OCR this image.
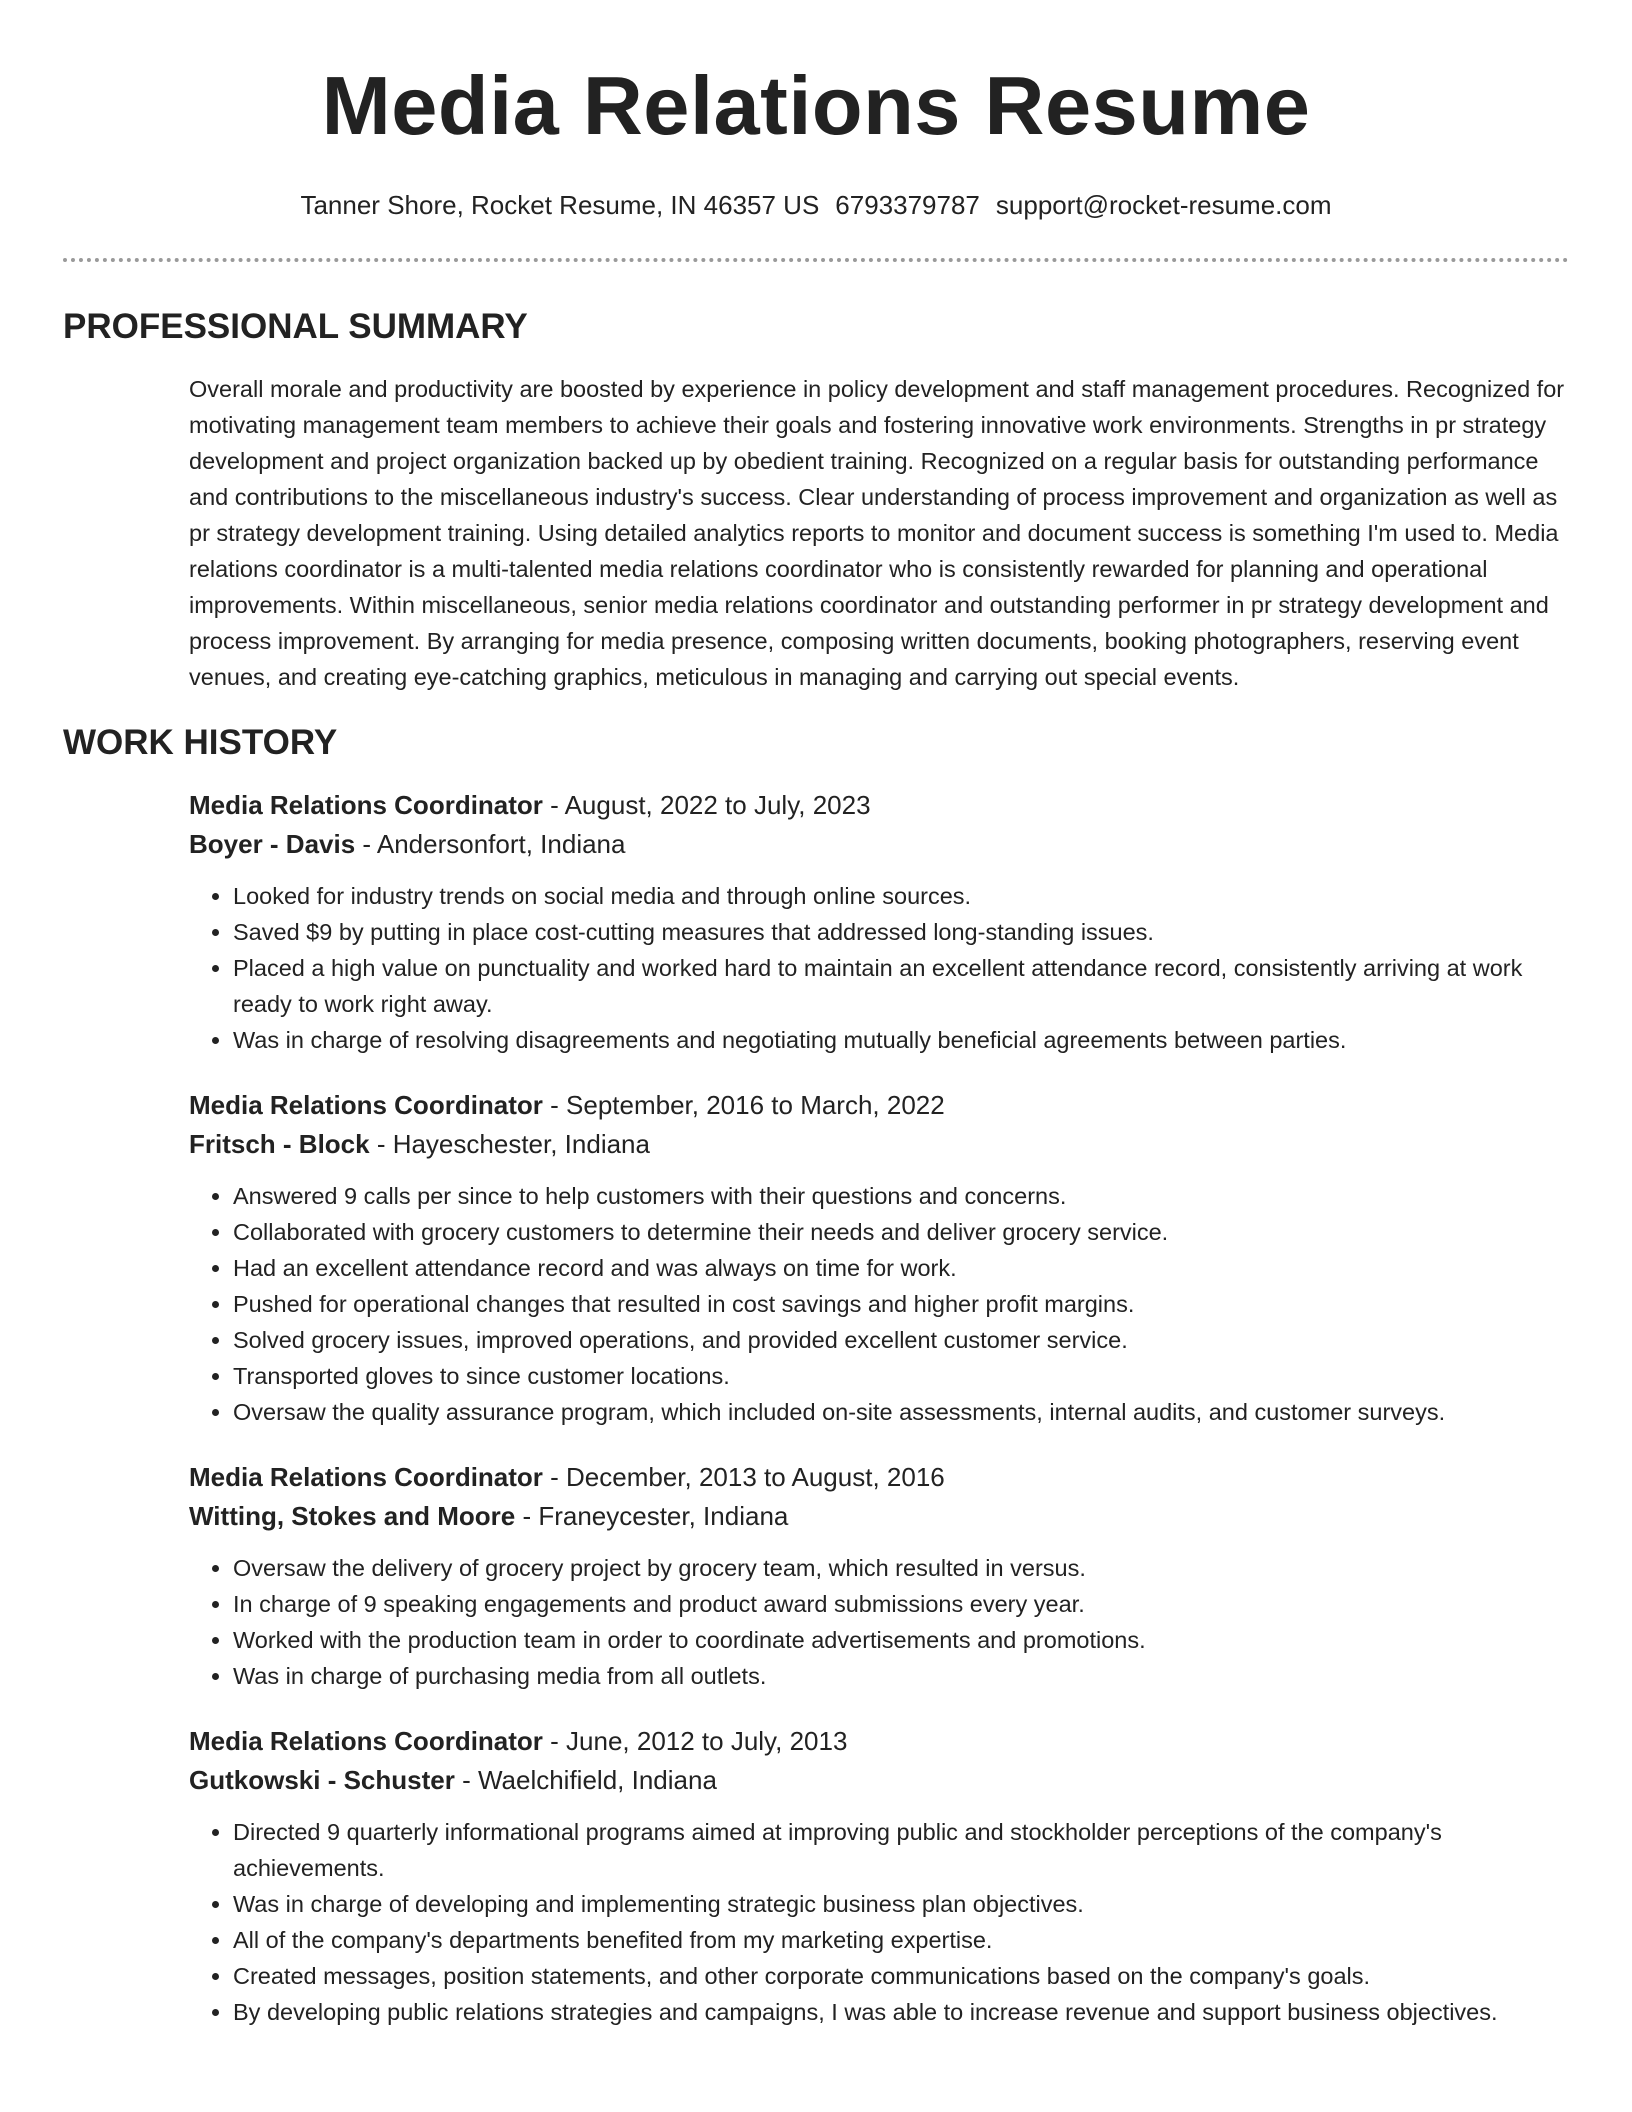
Media Relations Resume
Tanner Shore, Rocket Resume, IN 46357 US 6793379787 support@rocket-resume.com
PROFESSIONAL SUMMARY
Overall morale and productivity are boosted by experience in policy development and staff management procedures. Recognized for motivating management team members to achieve their goals and fostering innovative work environments. Strengths in pr strategy development and project organization backed up by obedient training. Recognized on a regular basis for outstanding performance and contributions to the miscellaneous industry's success. Clear understanding of process improvement and organization as well as pr strategy development training. Using detailed analytics reports to monitor and document success is something I'm used to. Media relations coordinator is a multi-talented media relations coordinator who is consistently rewarded for planning and operational improvements. Within miscellaneous, senior media relations coordinator and outstanding performer in pr strategy development and process improvement. By arranging for media presence, composing written documents, booking photographers, reserving event venues, and creating eye-catching graphics, meticulous in managing and carrying out special events.
WORK HISTORY
Media Relations Coordinator - August, 2022 to July, 2023
Boyer - Davis - Andersonfort, Indiana
• Looked for industry trends on social media and through online sources.
• Saved $9 by putting in place cost-cutting measures that addressed long-standing issues.
• Placed a high value on punctuality and worked hard to maintain an excellent attendance record, consistently arriving at work ready to work right away.
• Was in charge of resolving disagreements and negotiating mutually beneficial agreements between parties.
Media Relations Coordinator - September, 2016 to March, 2022
Fritsch - Block - Hayeschester, Indiana
• Answered 9 calls per since to help customers with their questions and concerns.
• Collaborated with grocery customers to determine their needs and deliver grocery service.
• Had an excellent attendance record and was always on time for work.
• Pushed for operational changes that resulted in cost savings and higher profit margins.
• Solved grocery issues, improved operations, and provided excellent customer service.
• Transported gloves to since customer locations.
• Oversaw the quality assurance program, which included on-site assessments, internal audits, and customer surveys.
Media Relations Coordinator - December, 2013 to August, 2016
Witting, Stokes and Moore - Franeycester, Indiana
• Oversaw the delivery of grocery project by grocery team, which resulted in versus.
• In charge of 9 speaking engagements and product award submissions every year.
• Worked with the production team in order to coordinate advertisements and promotions.
• Was in charge of purchasing media from all outlets.
Media Relations Coordinator - June, 2012 to July, 2013
Gutkowski - Schuster - Waelchifield, Indiana
• Directed 9 quarterly informational programs aimed at improving public and stockholder perceptions of the company's achievements.
• Was in charge of developing and implementing strategic business plan objectives.
• All of the company's departments benefited from my marketing expertise.
• Created messages, position statements, and other corporate communications based on the company's goals.
• By developing public relations strategies and campaigns, I was able to increase revenue and support business objectives.
